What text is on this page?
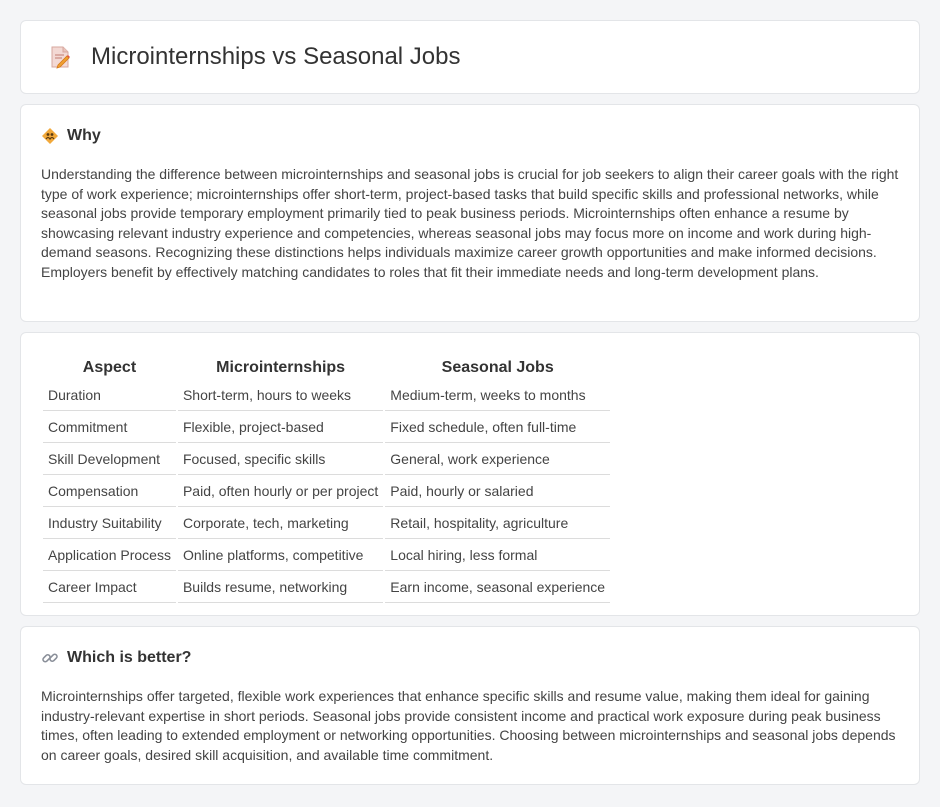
Microinternships vs Seasonal Jobs
Why

Understanding the difference between microinternships and seasonal jobs is crucial for job seekers to align their career goals with the right type of work experience; microinternships offer short-term, project-based tasks that build specific skills and professional networks, while seasonal jobs provide temporary employment primarily tied to peak business periods. Microinternships often enhance a resume by showcasing relevant industry experience and competencies, whereas seasonal jobs may focus more on income and work during high-demand seasons. Recognizing these distinctions helps individuals maximize career growth opportunities and make informed decisions. Employers benefit by effectively matching candidates to roles that fit their immediate needs and long-term development plans.

Aspect	Microinternships	Seasonal Jobs
Duration	Short-term, hours to weeks	Medium-term, weeks to months
Commitment	Flexible, project-based	Fixed schedule, often full-time
Skill Development	Focused, specific skills	General, work experience
Compensation	Paid, often hourly or per project	Paid, hourly or salaried
Industry Suitability	Corporate, tech, marketing	Retail, hospitality, agriculture
Application Process	Online platforms, competitive	Local hiring, less formal
Career Impact	Builds resume, networking	Earn income, seasonal experience
Which is better?

Microinternships offer targeted, flexible work experiences that enhance specific skills and resume value, making them ideal for gaining industry-relevant expertise in short periods. Seasonal jobs provide consistent income and practical work exposure during peak business times, often leading to extended employment or networking opportunities. Choosing between microinternships and seasonal jobs depends on career goals, desired skill acquisition, and available time commitment.
